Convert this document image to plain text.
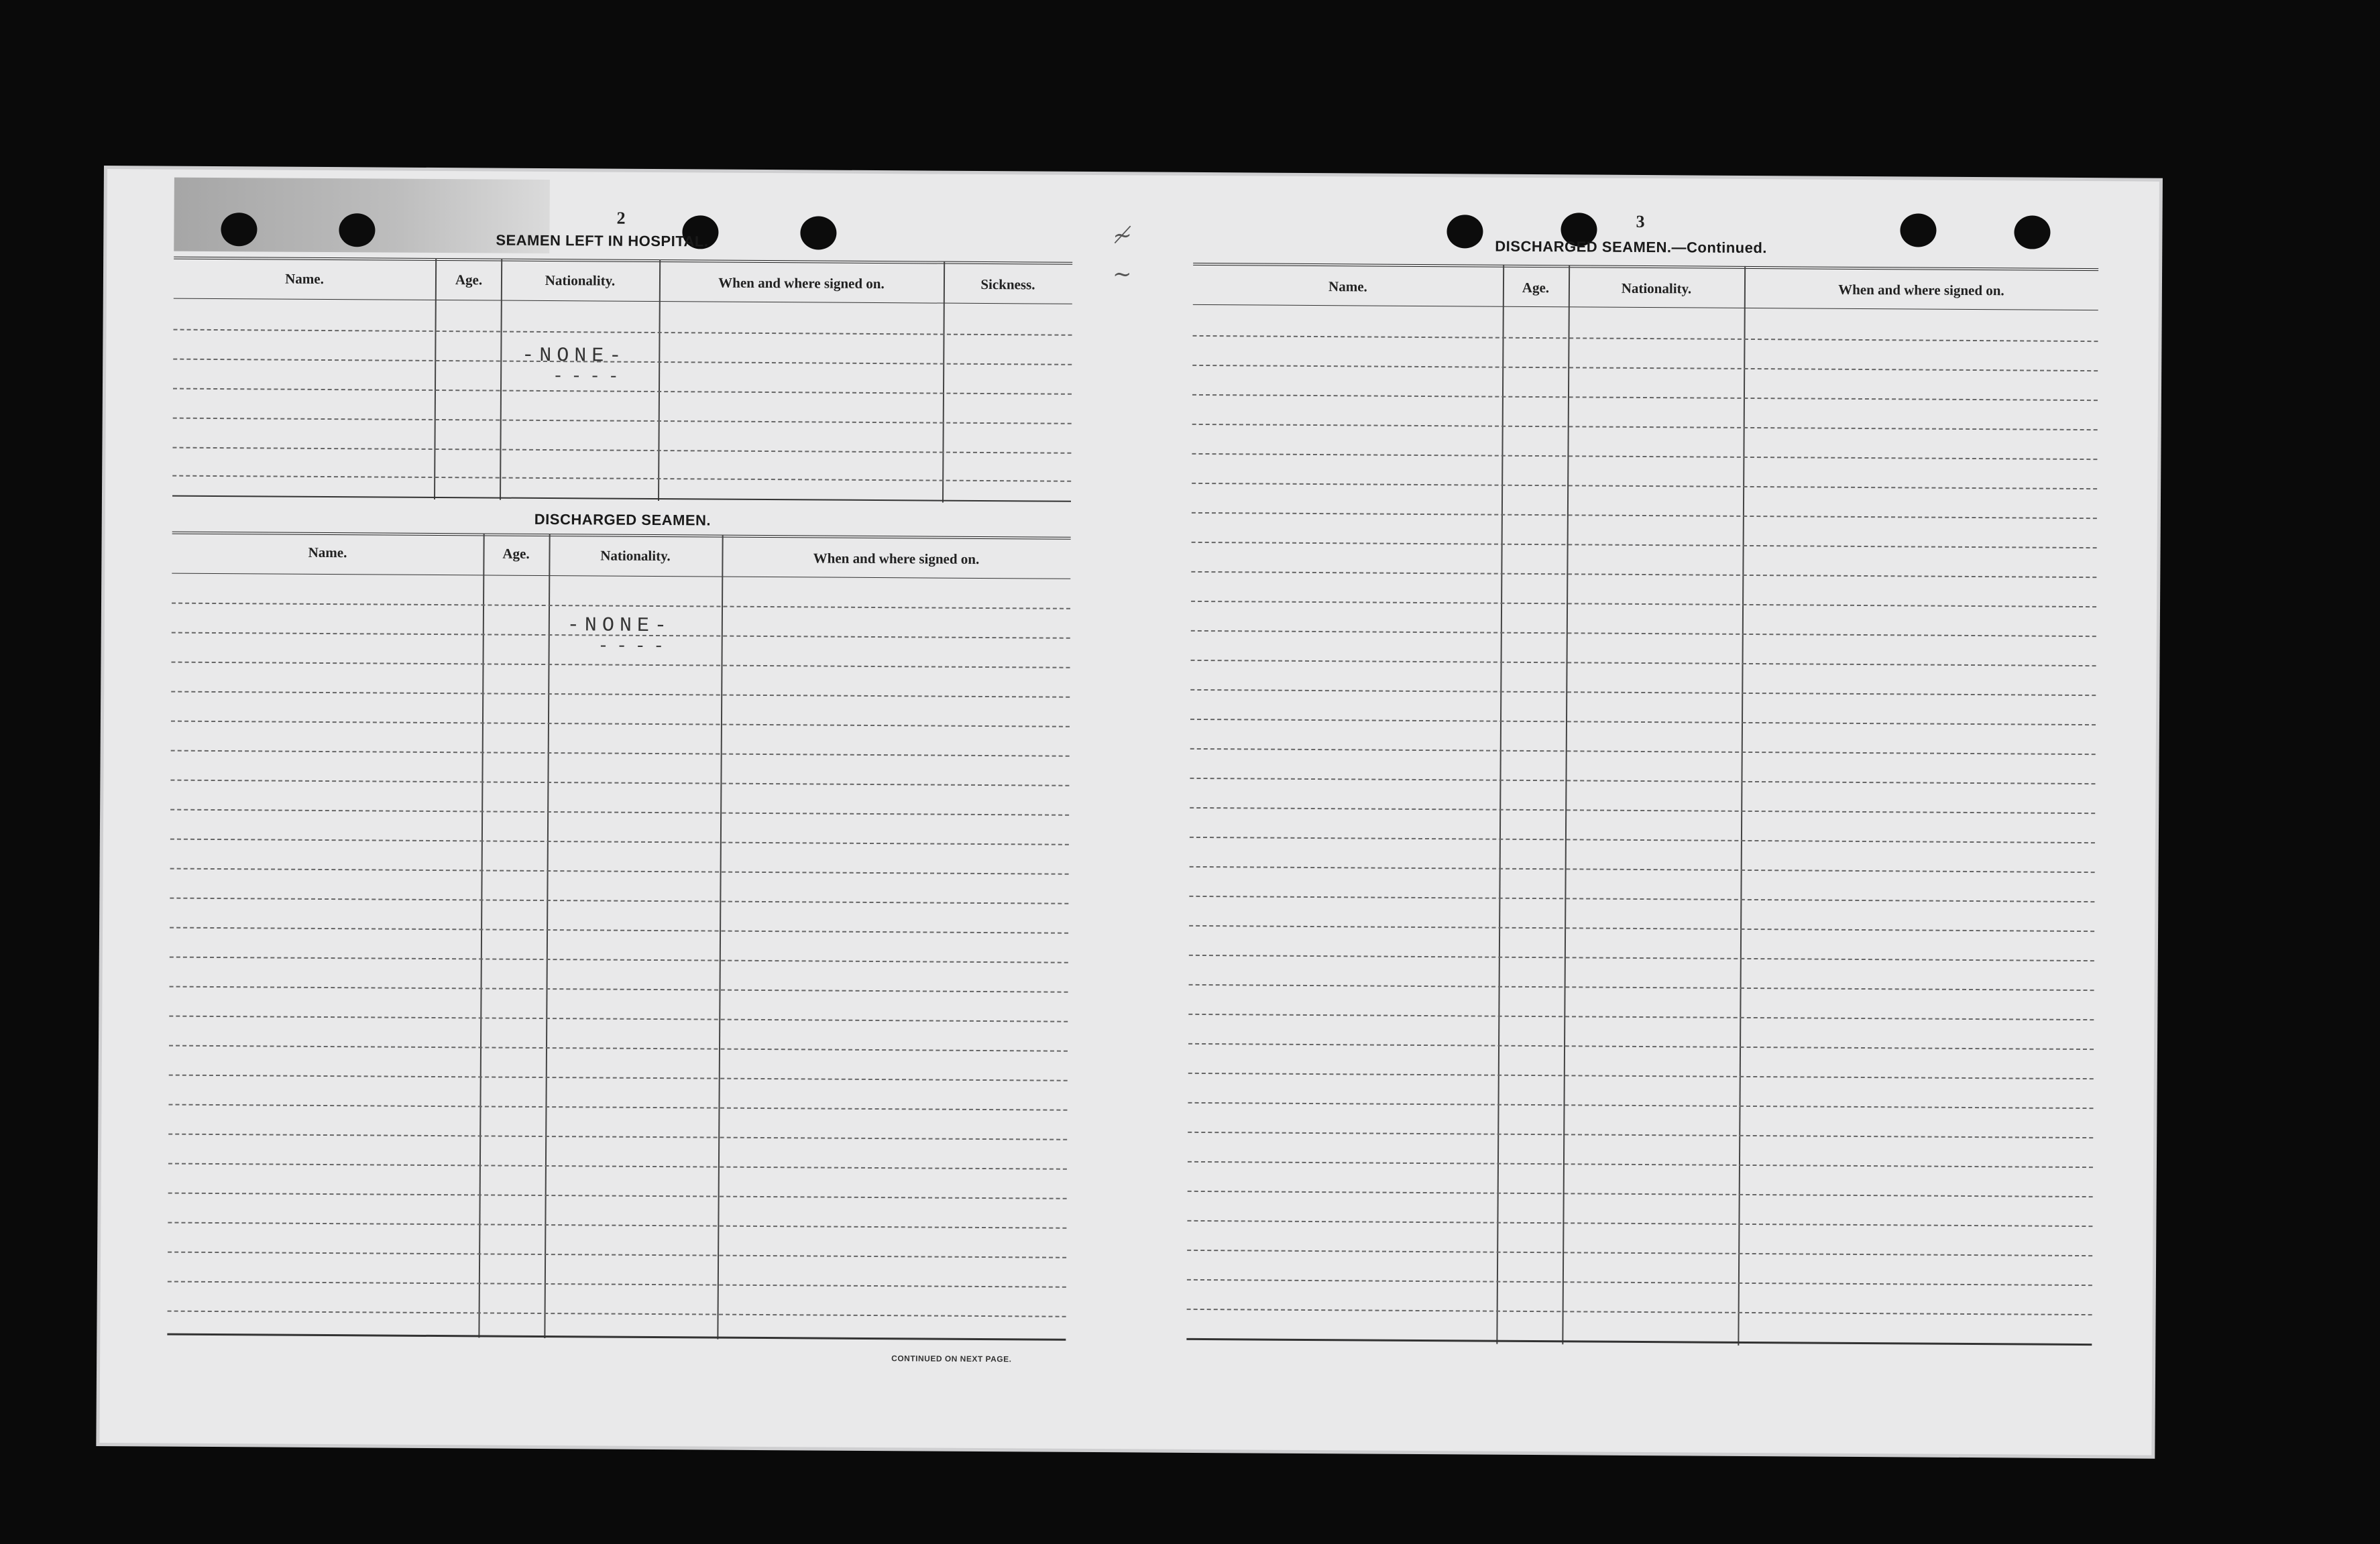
≁
∼
2
SEAMEN LEFT IN HOSPITAL.
Name.	Age.	Nationality.	When and where signed on.	Sickness.
-NONE-
----
DISCHARGED SEAMEN.
Name.	Age.	Nationality.	When and where signed on.
-NONE-
----
CONTINUED ON NEXT PAGE.
3
DISCHARGED SEAMEN.—Continued.
Name.	Age.	Nationality.	When and where signed on.
